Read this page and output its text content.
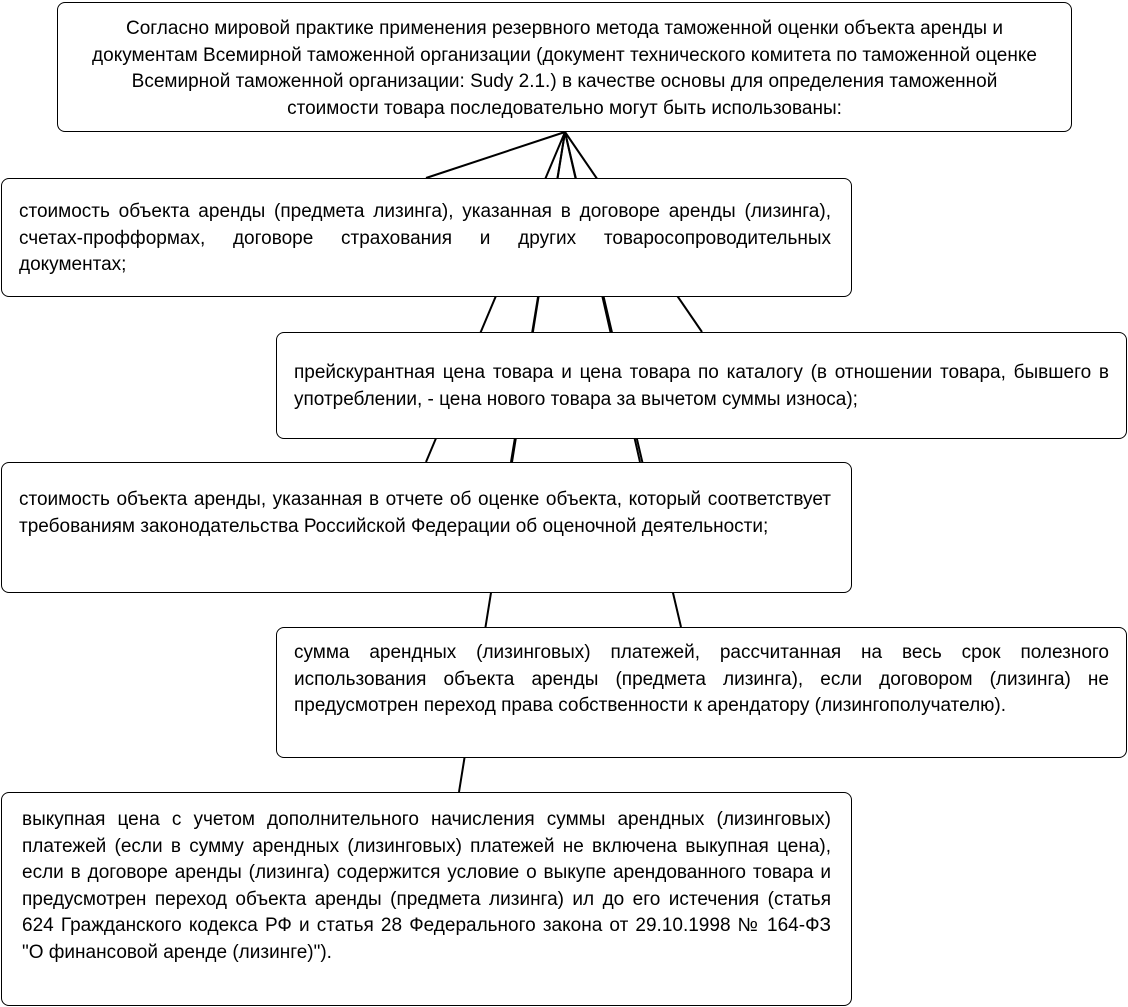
Согласно мировой практике применения резервного метода таможенной оценки объекта аренды и документам Всемирной таможенной организации (документ технического комитета по таможенной оценке Всемирной таможенной организации: Sudy 2.1.) в качестве основы для определения таможенной стоимости товара последовательно могут быть использованы:

стоимость объекта аренды (предмета лизинга), указанная в договоре аренды (лизинга), счетах-профформах, договоре страхования и других товаросопроводительных документах;

прейскурантная цена товара и цена товара по каталогу (в отношении товара, бывшего в употреблении, - цена нового товара за вычетом суммы износа);

стоимость объекта аренды, указанная в отчете об оценке объекта, который соответствует требованиям законодательства Российской Федерации об оценочной деятельности;

сумма арендных (лизинговых) платежей, рассчитанная на весь срок полезного использования объекта аренды (предмета лизинга), если договором (лизинга) не предусмотрен переход права собственности к арендатору (лизингополучателю).

выкупная цена с учетом дополнительного начисления суммы арендных (лизинговых) платежей (если в сумму арендных (лизинговых) платежей не включена выкупная цена), если в договоре аренды (лизинга) содержится условие о выкупе арендованного товара и предусмотрен переход объекта аренды (предмета лизинга) ил до его истечения (статья 624 Гражданского кодекса РФ и статья 28 Федерального закона от 29.10.1998 № 164-ФЗ "О финансовой аренде (лизинге)").
